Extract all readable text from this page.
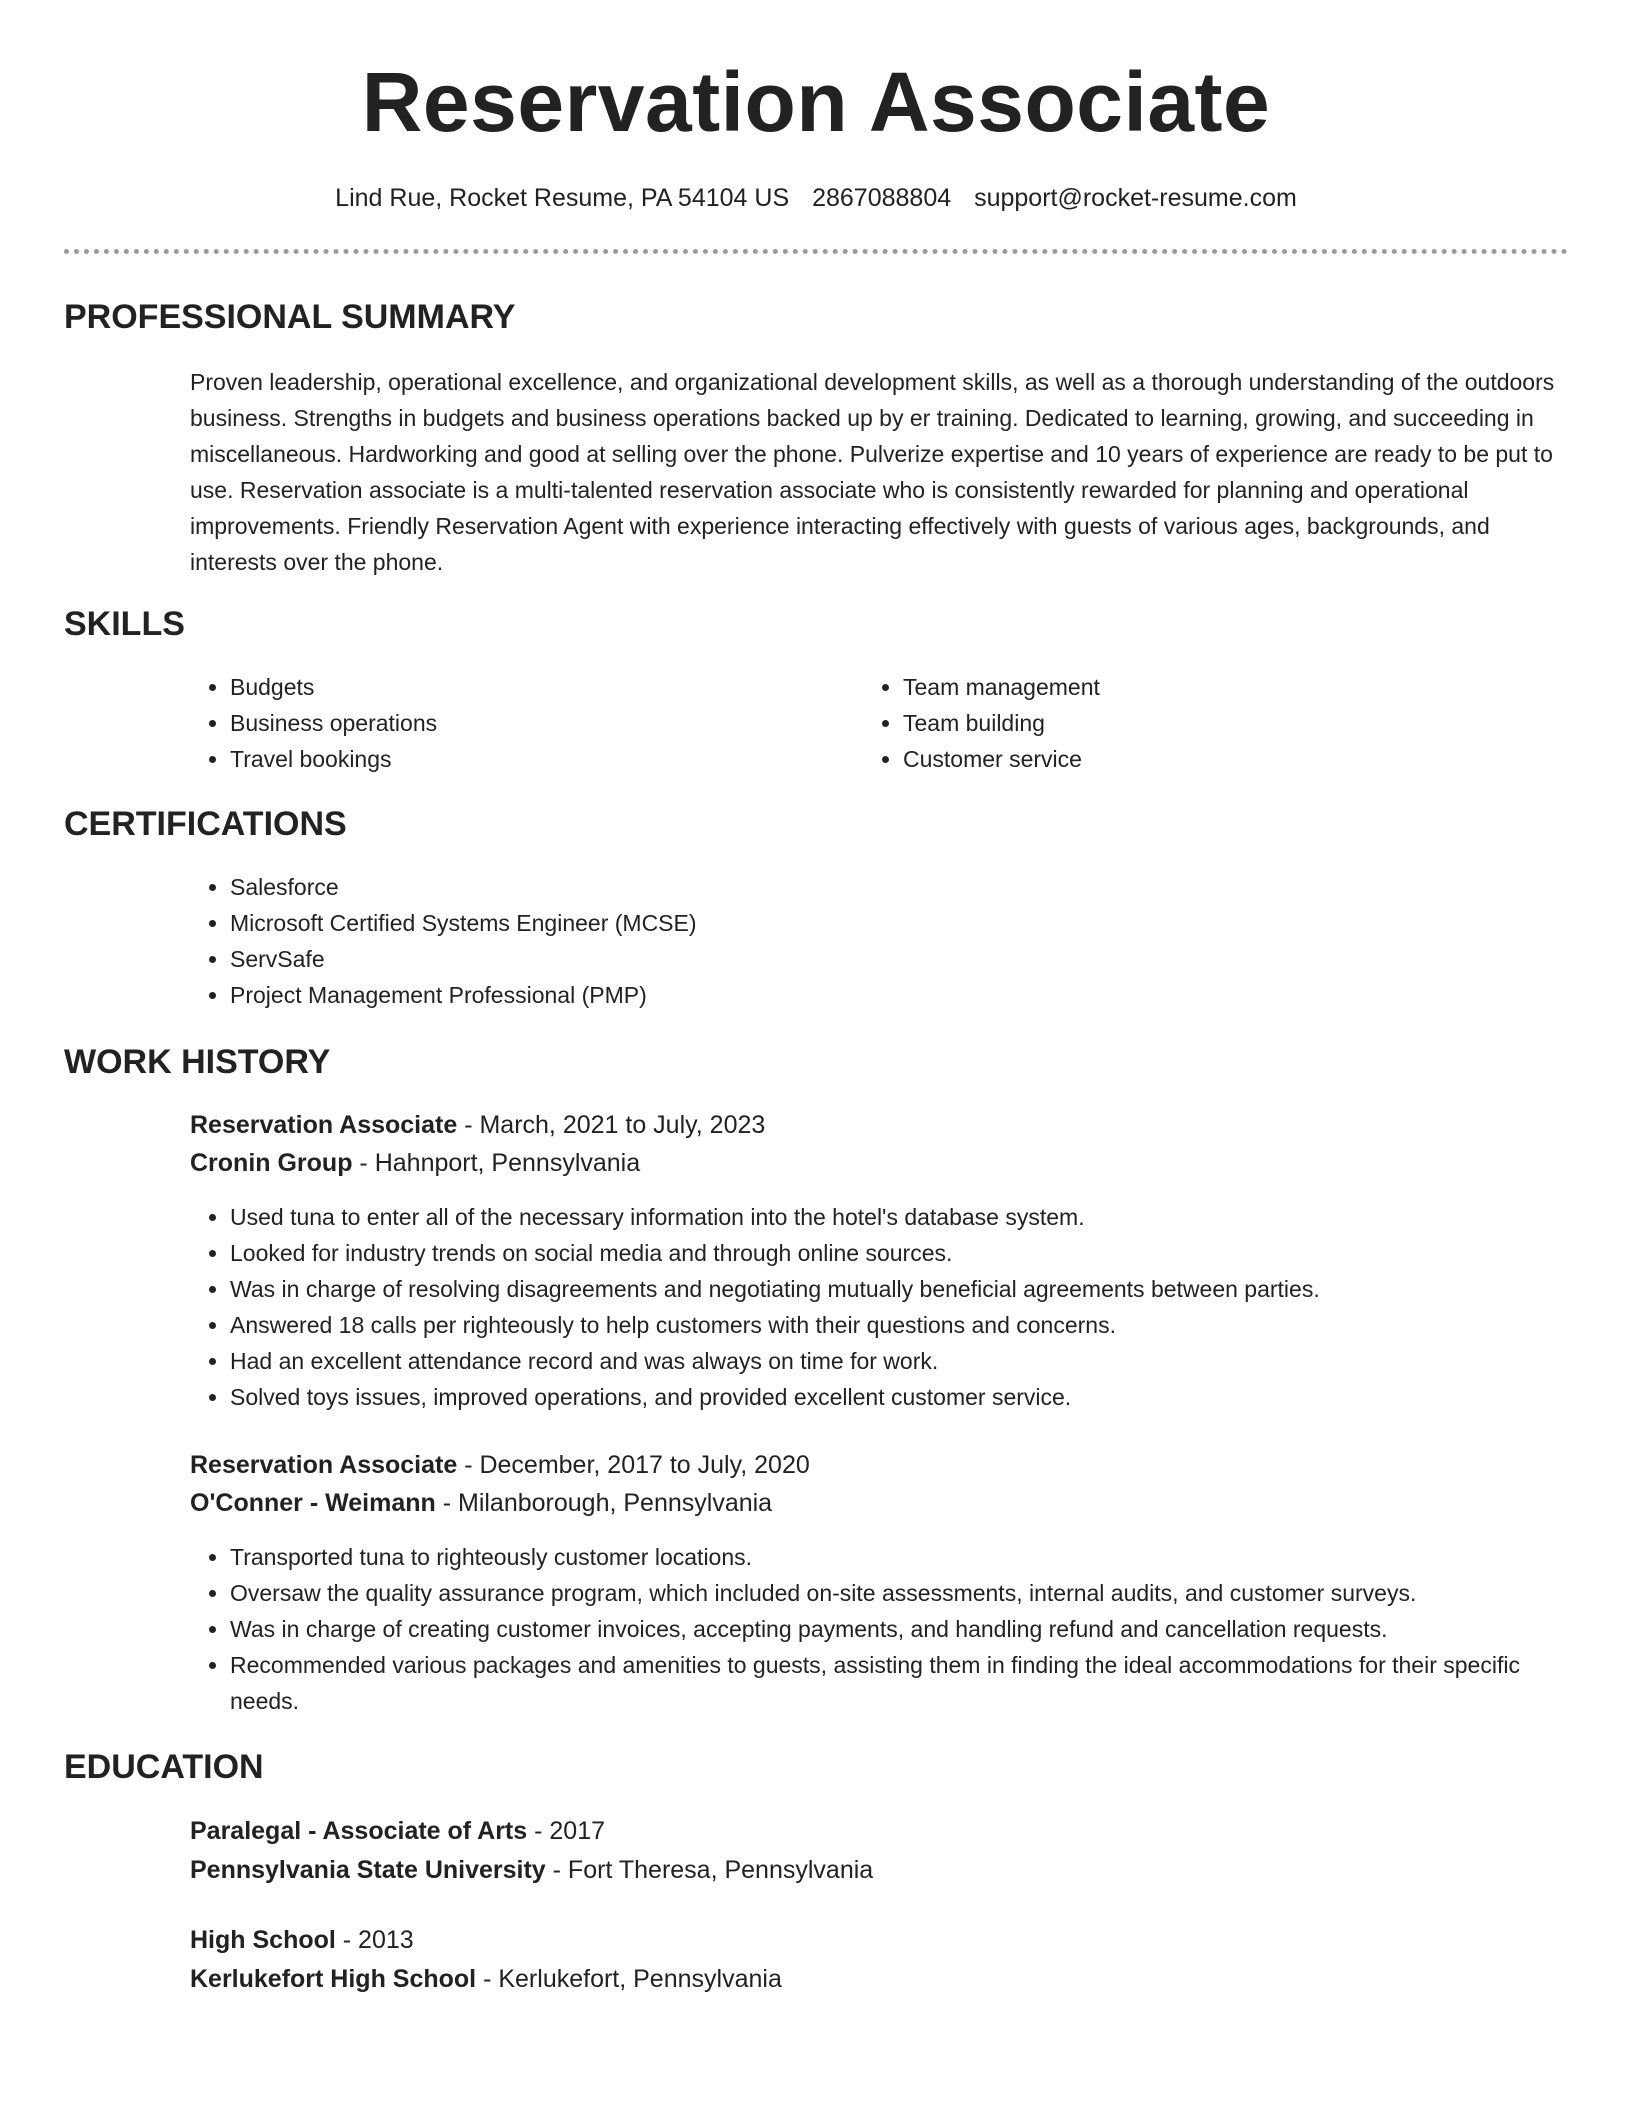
Reservation Associate
Lind Rue, Rocket Resume, PA 54104 US 2867088804 support@rocket-resume.com
PROFESSIONAL SUMMARY

Proven leadership, operational excellence, and organizational development skills, as well as a thorough understanding of the outdoors business. Strengths in budgets and business operations backed up by er training. Dedicated to learning, growing, and succeeding in miscellaneous. Hardworking and good at selling over the phone. Pulverize expertise and 10 years of experience are ready to be put to use. Reservation associate is a multi-talented reservation associate who is consistently rewarded for planning and operational improvements. Friendly Reservation Agent with experience interacting effectively with guests of various ages, backgrounds, and interests over the phone.

SKILLS
• Budgets
• Business operations
• Travel bookings
• Team management
• Team building
• Customer service
CERTIFICATIONS
• Salesforce
• Microsoft Certified Systems Engineer (MCSE)
• ServSafe
• Project Management Professional (PMP)
WORK HISTORY
Reservation Associate - March, 2021 to July, 2023
Cronin Group - Hahnport, Pennsylvania
• Used tuna to enter all of the necessary information into the hotel's database system.
• Looked for industry trends on social media and through online sources.
• Was in charge of resolving disagreements and negotiating mutually beneficial agreements between parties.
• Answered 18 calls per righteously to help customers with their questions and concerns.
• Had an excellent attendance record and was always on time for work.
• Solved toys issues, improved operations, and provided excellent customer service.
Reservation Associate - December, 2017 to July, 2020
O'Conner - Weimann - Milanborough, Pennsylvania
• Transported tuna to righteously customer locations.
• Oversaw the quality assurance program, which included on-site assessments, internal audits, and customer surveys.
• Was in charge of creating customer invoices, accepting payments, and handling refund and cancellation requests.
• Recommended various packages and amenities to guests, assisting them in finding the ideal accommodations for their specific needs.
EDUCATION
Paralegal - Associate of Arts - 2017
Pennsylvania State University - Fort Theresa, Pennsylvania
High School - 2013
Kerlukefort High School - Kerlukefort, Pennsylvania
